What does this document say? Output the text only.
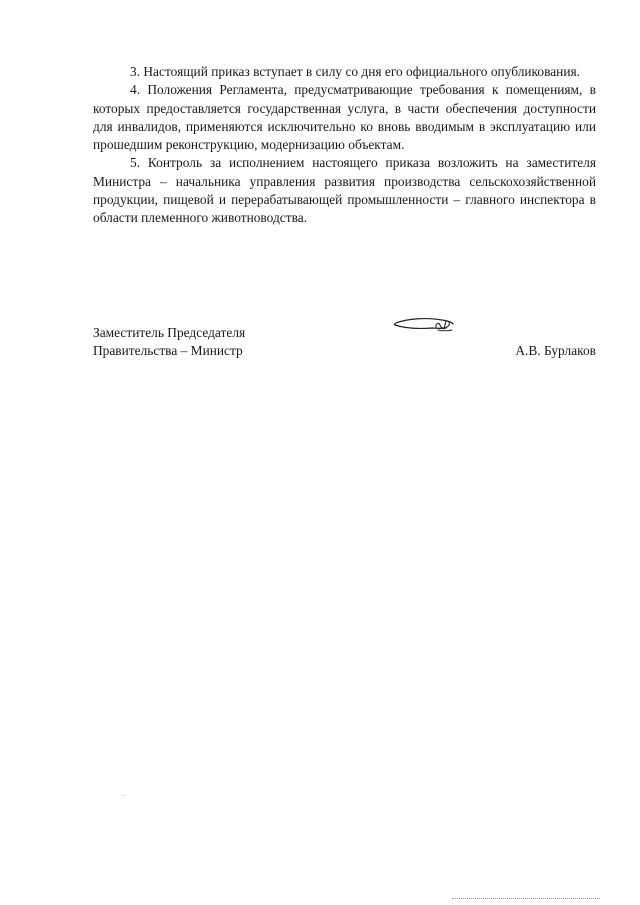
3. Настоящий приказ вступает в силу со дня его официального опубликования.

4. Положения Регламента, предусматривающие требования к помещениям, в которых предоставляется государственная услуга, в части обеспечения доступности для инвалидов, применяются исключительно ко вновь вводимым в эксплуатацию или прошедшим реконструкцию, модернизацию объектам.

5. Контроль за исполнением настоящего приказа возложить на заместителя Министра – начальника управления развития производства сельскохозяйственной продукции, пищевой и перерабатывающей промышленности – главного инспектора в области племенного животноводства.

Заместитель Председателя
Правительства – Министр	А.В. Бурлаков
